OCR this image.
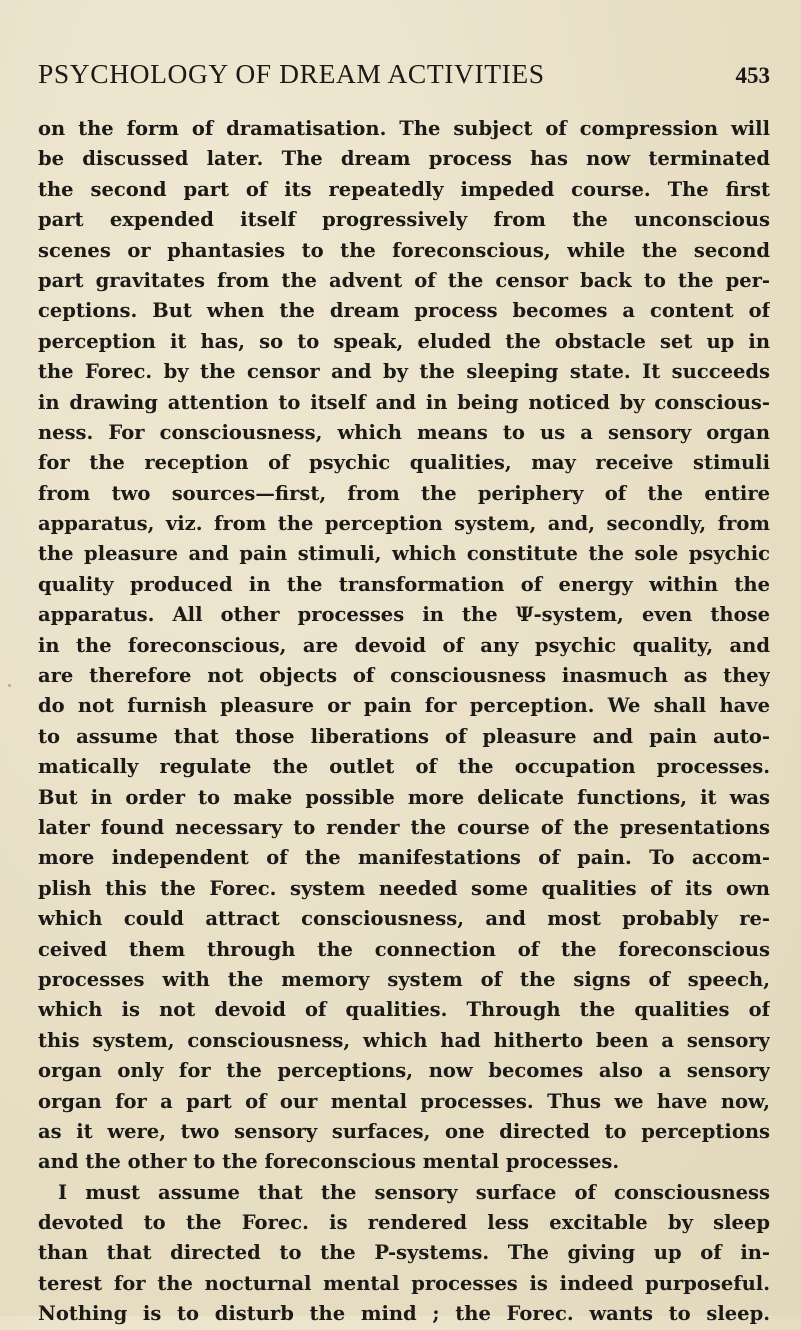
PSYCHOLOGY OF DREAM ACTIVITIES	453
on the form of dramatisation. The subject of compression will
be discussed later. The dream process has now terminated
the second part of its repeatedly impeded course. The first
part expended itself progressively from the unconscious
scenes or phantasies to the foreconscious, while the second
part gravitates from the advent of the censor back to the per-
ceptions. But when the dream process becomes a content of
perception it has, so to speak, eluded the obstacle set up in
the Forec. by the censor and by the sleeping state. It succeeds
in drawing attention to itself and in being noticed by conscious-
ness. For consciousness, which means to us a sensory organ
for the reception of psychic qualities, may receive stimuli
from two sources—first, from the periphery of the entire
apparatus, viz. from the perception system, and, secondly, from
the pleasure and pain stimuli, which constitute the sole psychic
quality produced in the transformation of energy within the
apparatus. All other processes in the Ψ-system, even those
in the foreconscious, are devoid of any psychic quality, and
are therefore not objects of consciousness inasmuch as they
do not furnish pleasure or pain for perception. We shall have
to assume that those liberations of pleasure and pain auto-
matically regulate the outlet of the occupation processes.
But in order to make possible more delicate functions, it was
later found necessary to render the course of the presentations
more independent of the manifestations of pain. To accom-
plish this the Forec. system needed some qualities of its own
which could attract consciousness, and most probably re-
ceived them through the connection of the foreconscious
processes with the memory system of the signs of speech,
which is not devoid of qualities. Through the qualities of
this system, consciousness, which had hitherto been a sensory
organ only for the perceptions, now becomes also a sensory
organ for a part of our mental processes. Thus we have now,
as it were, two sensory surfaces, one directed to perceptions
and the other to the foreconscious mental processes.
I must assume that the sensory surface of consciousness
devoted to the Forec. is rendered less excitable by sleep
than that directed to the P-systems. The giving up of in-
terest for the nocturnal mental processes is indeed purposeful.
Nothing is to disturb the mind ; the Forec. wants to sleep.
